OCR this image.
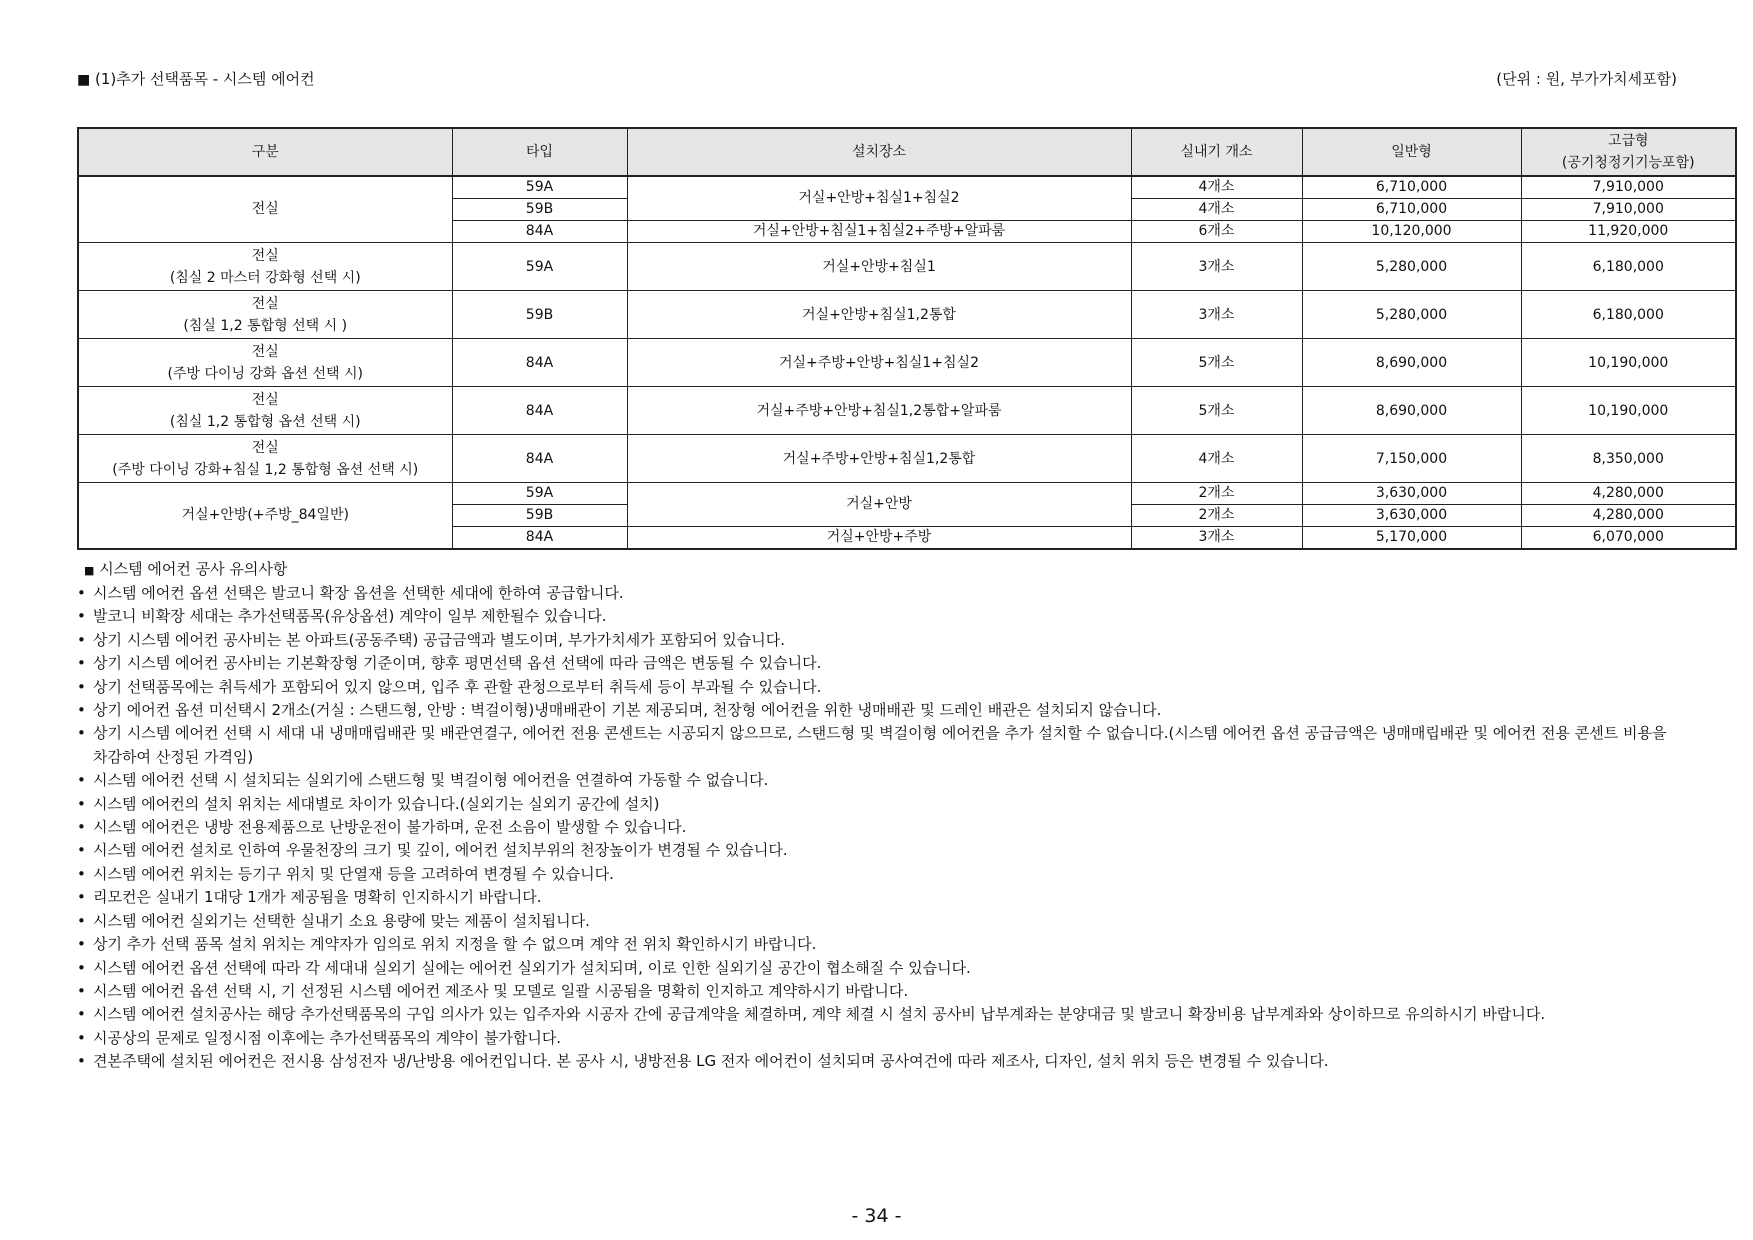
■ (1)추가 선택품목 - 시스템 에어컨	(단위 : 원, 부가가치세포함)
구분	타입	설치장소	실내기 개소	일반형	고급형
(공기청정기기능포함)

전실	59A	거실+안방+침실1+침실2	4개소	6,710,000	7,910,000
	59B		4개소	6,710,000	7,910,000
	84A	거실+안방+침실1+침실2+주방+알파룸	6개소	10,120,000	11,920,000

전실
(침실 2 마스터 강화형 선택 시)	59A	거실+안방+침실1	3개소	5,280,000	6,180,000

전실
(침실 1,2 통합형 선택 시 )	59B	거실+안방+침실1,2통합	3개소	5,280,000	6,180,000

전실
(주방 다이닝 강화 옵션 선택 시)	84A	거실+주방+안방+침실1+침실2	5개소	8,690,000	10,190,000

전실
(침실 1,2 통합형 옵션 선택 시)	84A	거실+주방+안방+침실1,2통합+알파룸	5개소	8,690,000	10,190,000

전실
(주방 다이닝 강화+침실 1,2 통합형 옵션 선택 시)	84A	거실+주방+안방+침실1,2통합	4개소	7,150,000	8,350,000
거실+안방(+주방_84일반)	59A	거실+안방	2개소	3,630,000	4,280,000
	59B		2개소	3,630,000	4,280,000
	84A	거실+안방+주방	3개소	5,170,000	6,070,000
■ 시스템 에어컨 공사 유의사항
• 시스템 에어컨 옵션 선택은 발코니 확장 옵션을 선택한 세대에 한하여 공급합니다.
• 발코니 비확장 세대는 추가선택품목(유상옵션) 계약이 일부 제한될수 있습니다.
• 상기 시스템 에어컨 공사비는 본 아파트(공동주택) 공급금액과 별도이며, 부가가치세가 포함되어 있습니다.
• 상기 시스템 에어컨 공사비는 기본확장형 기준이며, 향후 평면선택 옵션 선택에 따라 금액은 변동될 수 있습니다.
• 상기 선택품목에는 취득세가 포함되어 있지 않으며, 입주 후 관할 관청으로부터 취득세 등이 부과될 수 있습니다.
• 상기 에어컨 옵션 미선택시 2개소(거실 : 스탠드형, 안방 : 벽걸이형)냉매배관이 기본 제공되며, 천장형 에어컨을 위한 냉매배관 및 드레인 배관은 설치되지 않습니다.
• 상기 시스템 에어컨 선택 시 세대 내 냉매매립배관 및 배관연결구, 에어컨 전용 콘센트는 시공되지 않으므로, 스탠드형 및 벽걸이형 에어컨을 추가 설치할 수 없습니다.(시스템 에어컨 옵션 공급금액은 냉매매립배관 및 에어컨 전용 콘센트 비용을 차감하여 산정된 가격임)
• 시스템 에어컨 선택 시 설치되는 실외기에 스탠드형 및 벽걸이형 에어컨을 연결하여 가동할 수 없습니다.
• 시스템 에어컨의 설치 위치는 세대별로 차이가 있습니다.(실외기는 실외기 공간에 설치)
• 시스템 에어컨은 냉방 전용제품으로 난방운전이 불가하며, 운전 소음이 발생할 수 있습니다.
• 시스템 에어컨 설치로 인하여 우물천장의 크기 및 깊이, 에어컨 설치부위의 천장높이가 변경될 수 있습니다.
• 시스템 에어컨 위치는 등기구 위치 및 단열재 등을 고려하여 변경될 수 있습니다.
• 리모컨은 실내기 1대당 1개가 제공됨을 명확히 인지하시기 바랍니다.
• 시스템 에어컨 실외기는 선택한 실내기 소요 용량에 맞는 제품이 설치됩니다.
• 상기 추가 선택 품목 설치 위치는 계약자가 임의로 위치 지정을 할 수 없으며 계약 전 위치 확인하시기 바랍니다.
• 시스템 에어컨 옵션 선택에 따라 각 세대내 실외기 실에는 에어컨 실외기가 설치되며, 이로 인한 실외기실 공간이 협소해질 수 있습니다.
• 시스템 에어컨 옵션 선택 시, 기 선정된 시스템 에어컨 제조사 및 모델로 일괄 시공됨을 명확히 인지하고 계약하시기 바랍니다.
• 시스템 에어컨 설치공사는 해당 추가선택품목의 구입 의사가 있는 입주자와 시공자 간에 공급계약을 체결하며, 계약 체결 시 설치 공사비 납부계좌는 분양대금 및 발코니 확장비용 납부계좌와 상이하므로 유의하시기 바랍니다.
• 시공상의 문제로 일정시점 이후에는 추가선택품목의 계약이 불가합니다.
• 견본주택에 설치된 에어컨은 전시용 삼성전자 냉/난방용 에어컨입니다. 본 공사 시, 냉방전용 LG 전자 에어컨이 설치되며 공사여건에 따라 제조사, 디자인, 설치 위치 등은 변경될 수 있습니다.
- 34 -
